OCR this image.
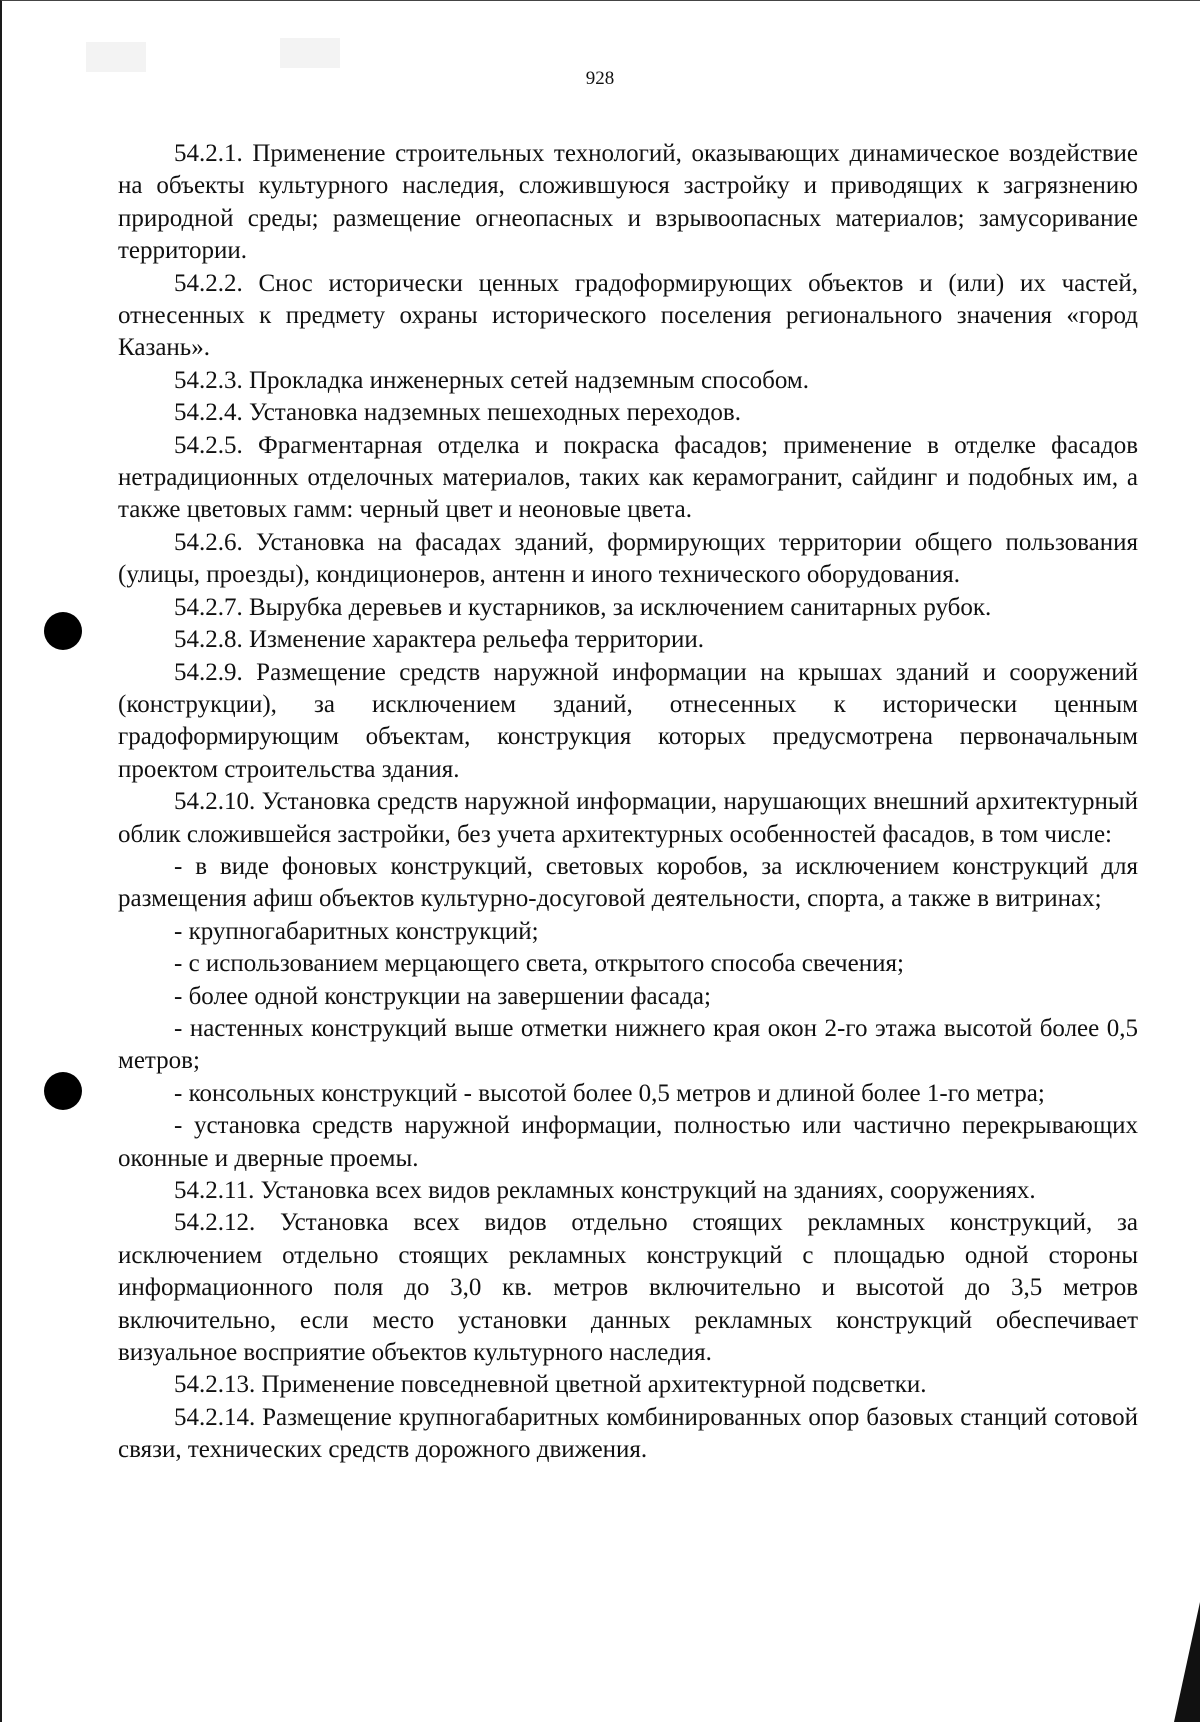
928

54.2.1. Применение строительных технологий, оказывающих динамическое воздействие на объекты культурного наследия, сложившуюся застройку и приводящих к загрязнению природной среды; размещение огнеопасных и взрывоопасных материалов; замусоривание территории.

54.2.2. Снос исторически ценных градоформирующих объектов и (или) их частей, отнесенных к предмету охраны исторического поселения регионального значения «город Казань».

54.2.3. Прокладка инженерных сетей надземным способом.

54.2.4. Установка надземных пешеходных переходов.

54.2.5. Фрагментарная отделка и покраска фасадов; применение в отделке фасадов нетрадиционных отделочных материалов, таких как керамогранит, сайдинг и подобных им, а также цветовых гамм: черный цвет и неоновые цвета.

54.2.6. Установка на фасадах зданий, формирующих территории общего пользования (улицы, проезды), кондиционеров, антенн и иного технического оборудования.

54.2.7. Вырубка деревьев и кустарников, за исключением санитарных рубок.

54.2.8. Изменение характера рельефа территории.

54.2.9. Размещение средств наружной информации на крышах зданий и сооружений (конструкции), за исключением зданий, отнесенных к исторически ценным градоформирующим объектам, конструкция которых предусмотрена первоначальным проектом строительства здания.

54.2.10. Установка средств наружной информации, нарушающих внешний архитектурный облик сложившейся застройки, без учета архитектурных особенностей фасадов, в том числе:

- в виде фоновых конструкций, световых коробов, за исключением конструкций для размещения афиш объектов культурно-досуговой деятельности, спорта, а также в витринах;

- крупногабаритных конструкций;

- с использованием мерцающего света, открытого способа свечения;

- более одной конструкции на завершении фасада;

- настенных конструкций выше отметки нижнего края окон 2-го этажа высотой более 0,5 метров;

- консольных конструкций - высотой более 0,5 метров и длиной более 1-го метра;

- установка средств наружной информации, полностью или частично перекрывающих оконные и дверные проемы.

54.2.11. Установка всех видов рекламных конструкций на зданиях, сооружениях.

54.2.12. Установка всех видов отдельно стоящих рекламных конструкций, за исключением отдельно стоящих рекламных конструкций с площадью одной стороны информационного поля до 3,0 кв. метров включительно и высотой до 3,5 метров включительно, если место установки данных рекламных конструкций обеспечивает визуальное восприятие объектов культурного наследия.

54.2.13. Применение повседневной цветной архитектурной подсветки.

54.2.14. Размещение крупногабаритных комбинированных опор базовых станций сотовой связи, технических средств дорожного движения.
